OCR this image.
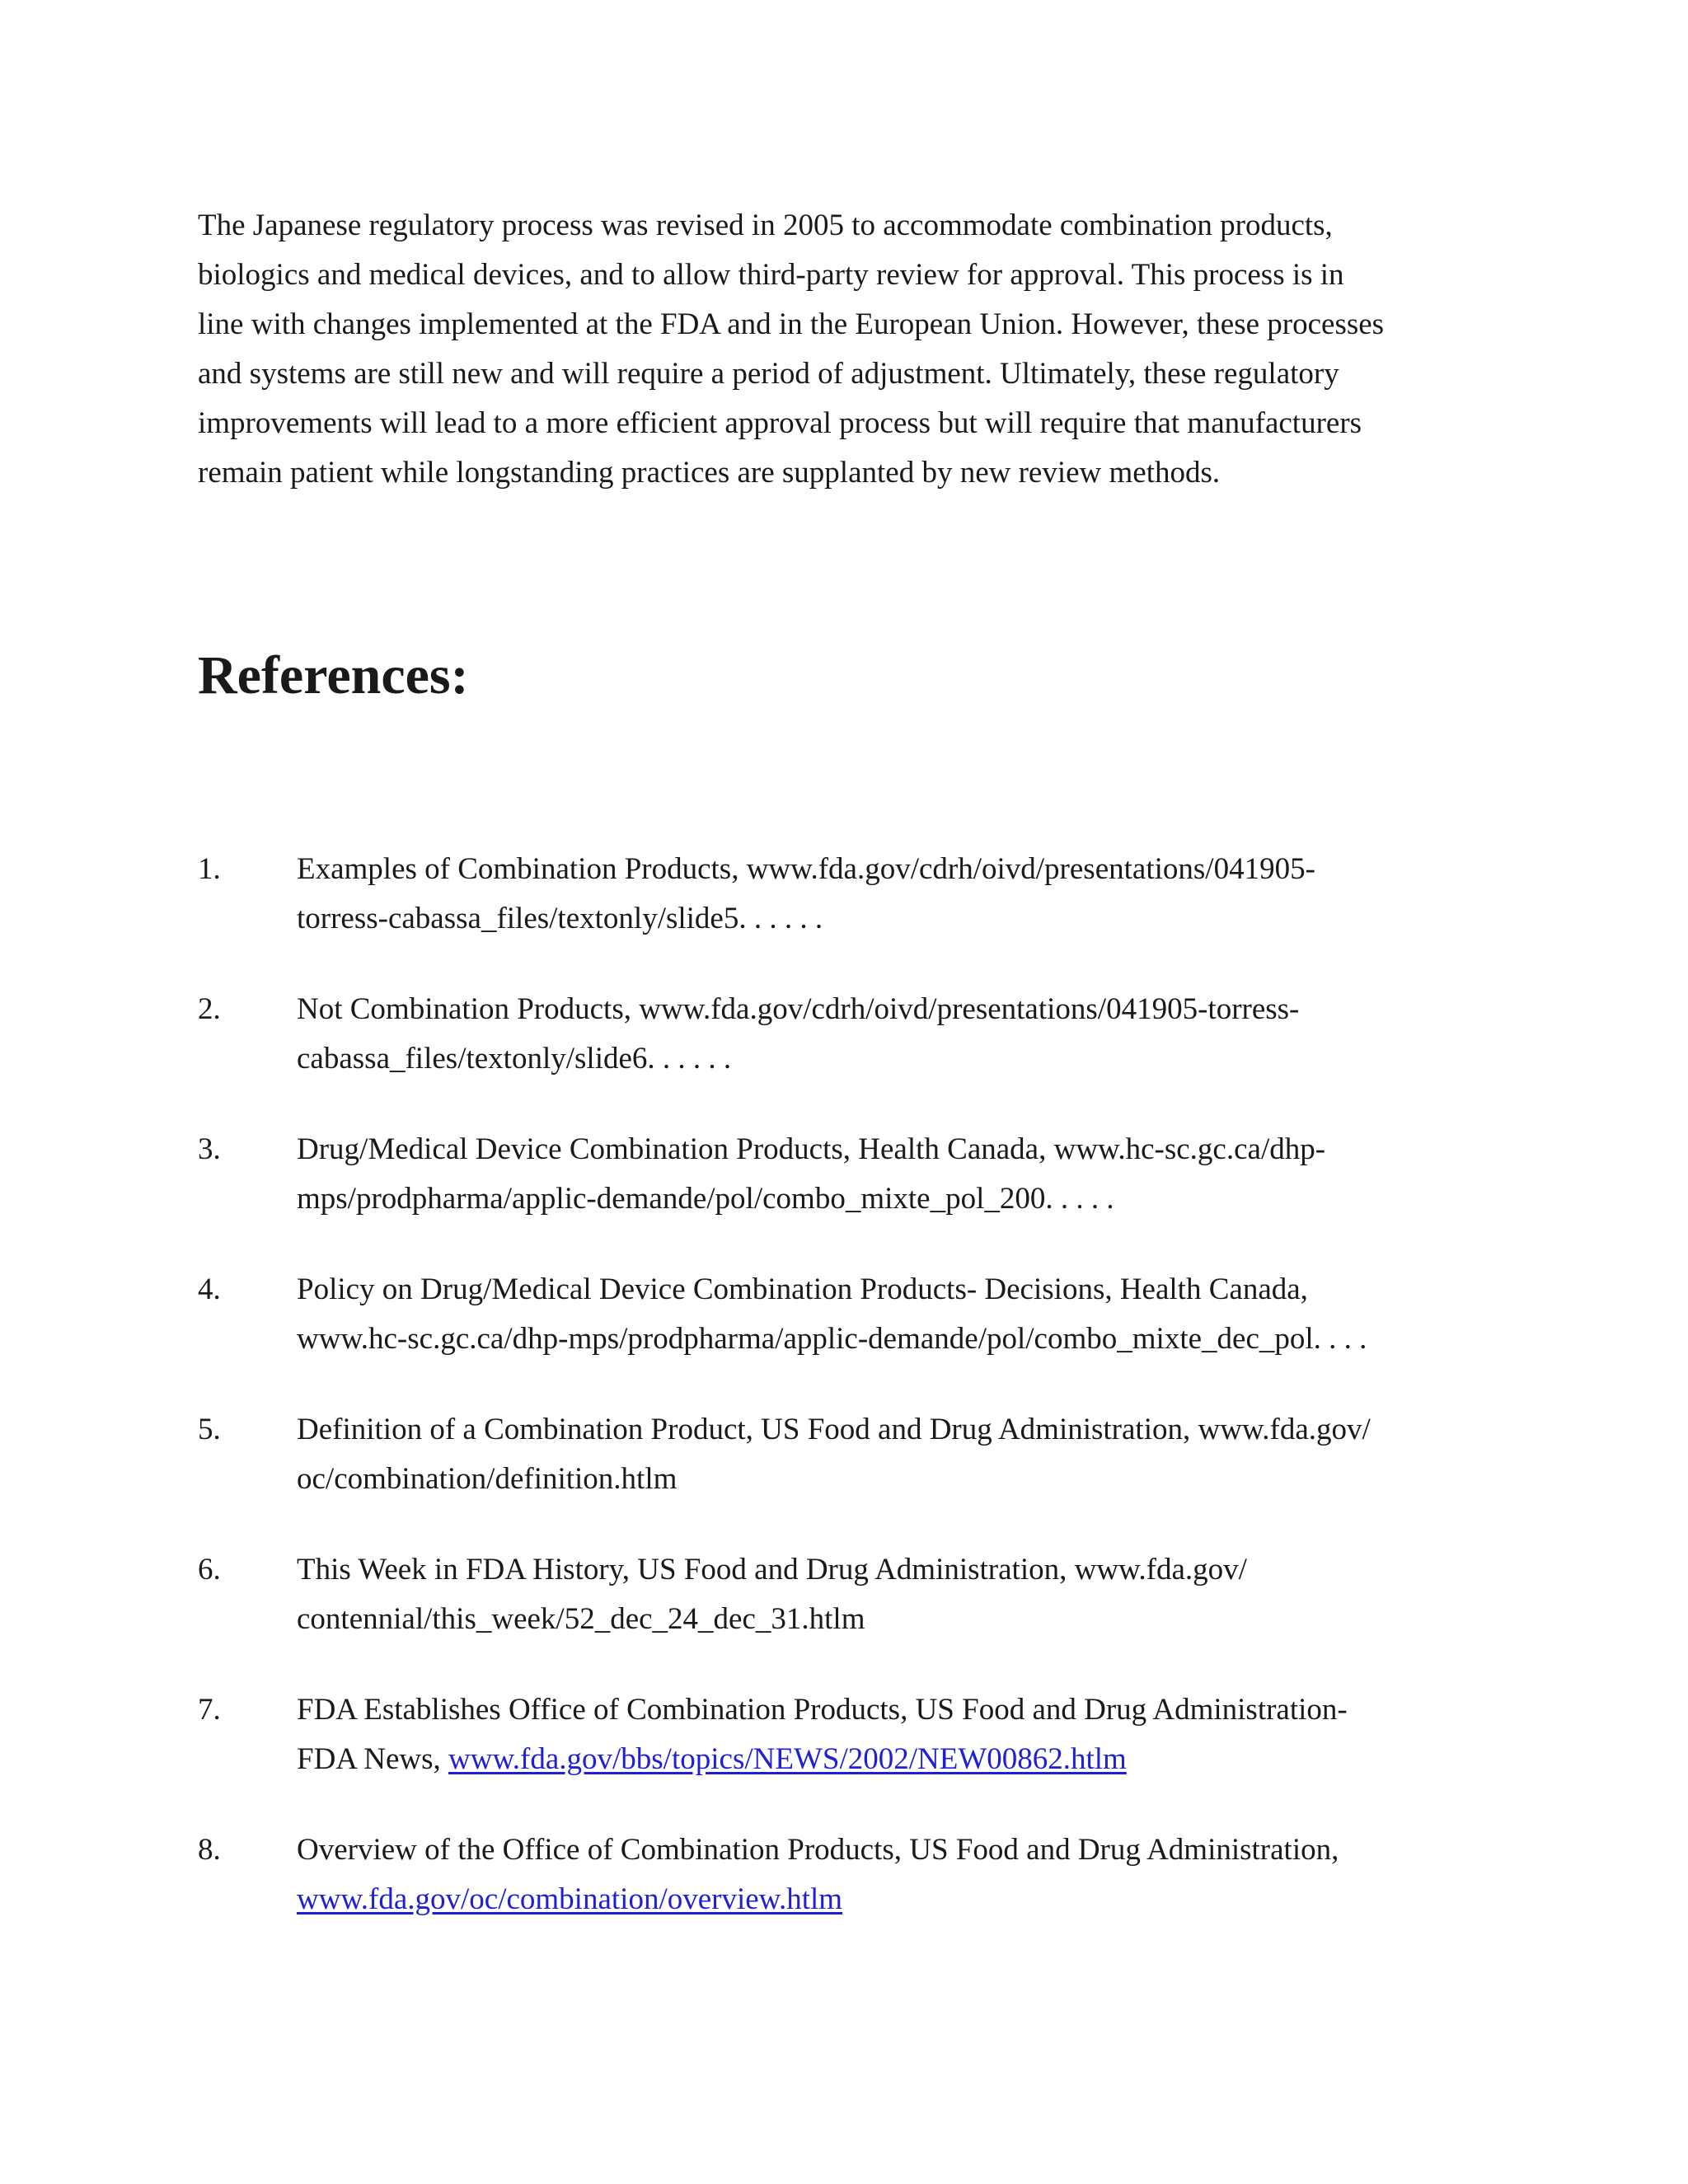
The Japanese regulatory process was revised in 2005 to accommodate combination products,
biologics and medical devices, and to allow third-party review for approval. This process is in
line with changes implemented at the FDA and in the European Union. However, these processes
and systems are still new and will require a period of adjustment. Ultimately, these regulatory
improvements will lead to a more efficient approval process but will require that manufacturers
remain patient while longstanding practices are supplanted by new review methods.

References:
1.	Examples of Combination Products, www.fda.gov/cdrh/oivd/presentations/041905-
torress-cabassa_files/textonly/slide5. . . . . .
2.	Not Combination Products, www.fda.gov/cdrh/oivd/presentations/041905-torress-
cabassa_files/textonly/slide6. . . . . .
3.	Drug/Medical Device Combination Products, Health Canada, www.hc-sc.gc.ca/dhp-
mps/prodpharma/applic-demande/pol/combo_mixte_pol_200. . . . .
4.	Policy on Drug/Medical Device Combination Products- Decisions, Health Canada,
www.hc-sc.gc.ca/dhp-mps/prodpharma/applic-demande/pol/combo_mixte_dec_pol. . . .
5.	Definition of a Combination Product, US Food and Drug Administration, www.fda.gov/
oc/combination/definition.htlm
6.	This Week in FDA History, US Food and Drug Administration, www.fda.gov/
contennial/this_week/52_dec_24_dec_31.htlm
7.	FDA Establishes Office of Combination Products, US Food and Drug Administration-
FDA News, www.fda.gov/bbs/topics/NEWS/2002/NEW00862.htlm
8.	Overview of the Office of Combination Products, US Food and Drug Administration,
www.fda.gov/oc/combination/overview.htlm
